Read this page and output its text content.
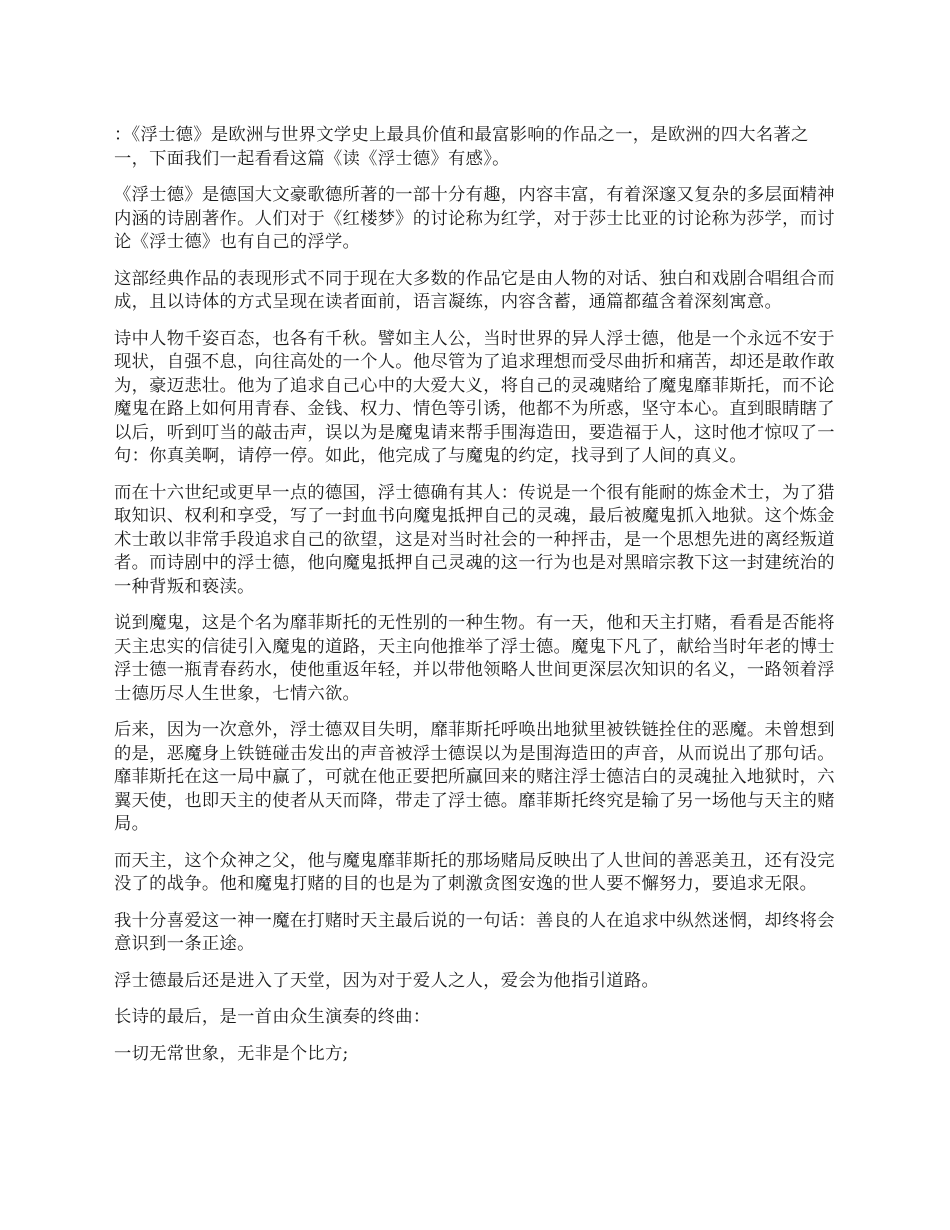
：《浮士德》是欧洲与世界文学史上最具价值和最富影响的作品之一，是欧洲的四大名著之一，下面我们一起看看这篇《读《浮士德》有感》。

《浮士德》是德国大文豪歌德所著的一部十分有趣，内容丰富，有着深邃又复杂的多层面精神内涵的诗剧著作。人们对于《红楼梦》的讨论称为红学，对于莎士比亚的讨论称为莎学，而讨论《浮士德》也有自己的浮学。

这部经典作品的表现形式不同于现在大多数的作品它是由人物的对话、独白和戏剧合唱组合而成，且以诗体的方式呈现在读者面前，语言凝练，内容含蓄，通篇都蕴含着深刻寓意。

诗中人物千姿百态，也各有千秋。譬如主人公，当时世界的异人浮士德，他是一个永远不安于现状，自强不息，向往高处的一个人。他尽管为了追求理想而受尽曲折和痛苦，却还是敢作敢为，豪迈悲壮。他为了追求自己心中的大爱大义，将自己的灵魂赌给了魔鬼靡菲斯托，而不论魔鬼在路上如何用青春、金钱、权力、情色等引诱，他都不为所惑，坚守本心。直到眼睛瞎了以后，听到叮当的敲击声，误以为是魔鬼请来帮手围海造田，要造福于人，这时他才惊叹了一句：你真美啊，请停一停。如此，他完成了与魔鬼的约定，找寻到了人间的真义。

而在十六世纪或更早一点的德国，浮士德确有其人：传说是一个很有能耐的炼金术士，为了猎取知识、权利和享受，写了一封血书向魔鬼抵押自己的灵魂，最后被魔鬼抓入地狱。这个炼金术士敢以非常手段追求自己的欲望，这是对当时社会的一种抨击，是一个思想先进的离经叛道者。而诗剧中的浮士德，他向魔鬼抵押自己灵魂的这一行为也是对黑暗宗教下这一封建统治的一种背叛和亵渎。

说到魔鬼，这是个名为靡菲斯托的无性别的一种生物。有一天，他和天主打赌，看看是否能将天主忠实的信徒引入魔鬼的道路，天主向他推举了浮士德。魔鬼下凡了，献给当时年老的博士浮士德一瓶青春药水，使他重返年轻，并以带他领略人世间更深层次知识的名义，一路领着浮士德历尽人生世象，七情六欲。

后来，因为一次意外，浮士德双目失明，靡菲斯托呼唤出地狱里被铁链拴住的恶魔。未曾想到的是，恶魔身上铁链碰击发出的声音被浮士德误以为是围海造田的声音，从而说出了那句话。靡菲斯托在这一局中赢了，可就在他正要把所赢回来的赌注浮士德洁白的灵魂扯入地狱时，六翼天使，也即天主的使者从天而降，带走了浮士德。靡菲斯托终究是输了另一场他与天主的赌局。

而天主，这个众神之父，他与魔鬼靡菲斯托的那场赌局反映出了人世间的善恶美丑，还有没完没了的战争。他和魔鬼打赌的目的也是为了刺激贪图安逸的世人要不懈努力，要追求无限。

我十分喜爱这一神一魔在打赌时天主最后说的一句话：善良的人在追求中纵然迷惘，却终将会意识到一条正途。

浮士德最后还是进入了天堂，因为对于爱人之人，爱会为他指引道路。

长诗的最后，是一首由众生演奏的终曲：

一切无常世象，无非是个比方;
